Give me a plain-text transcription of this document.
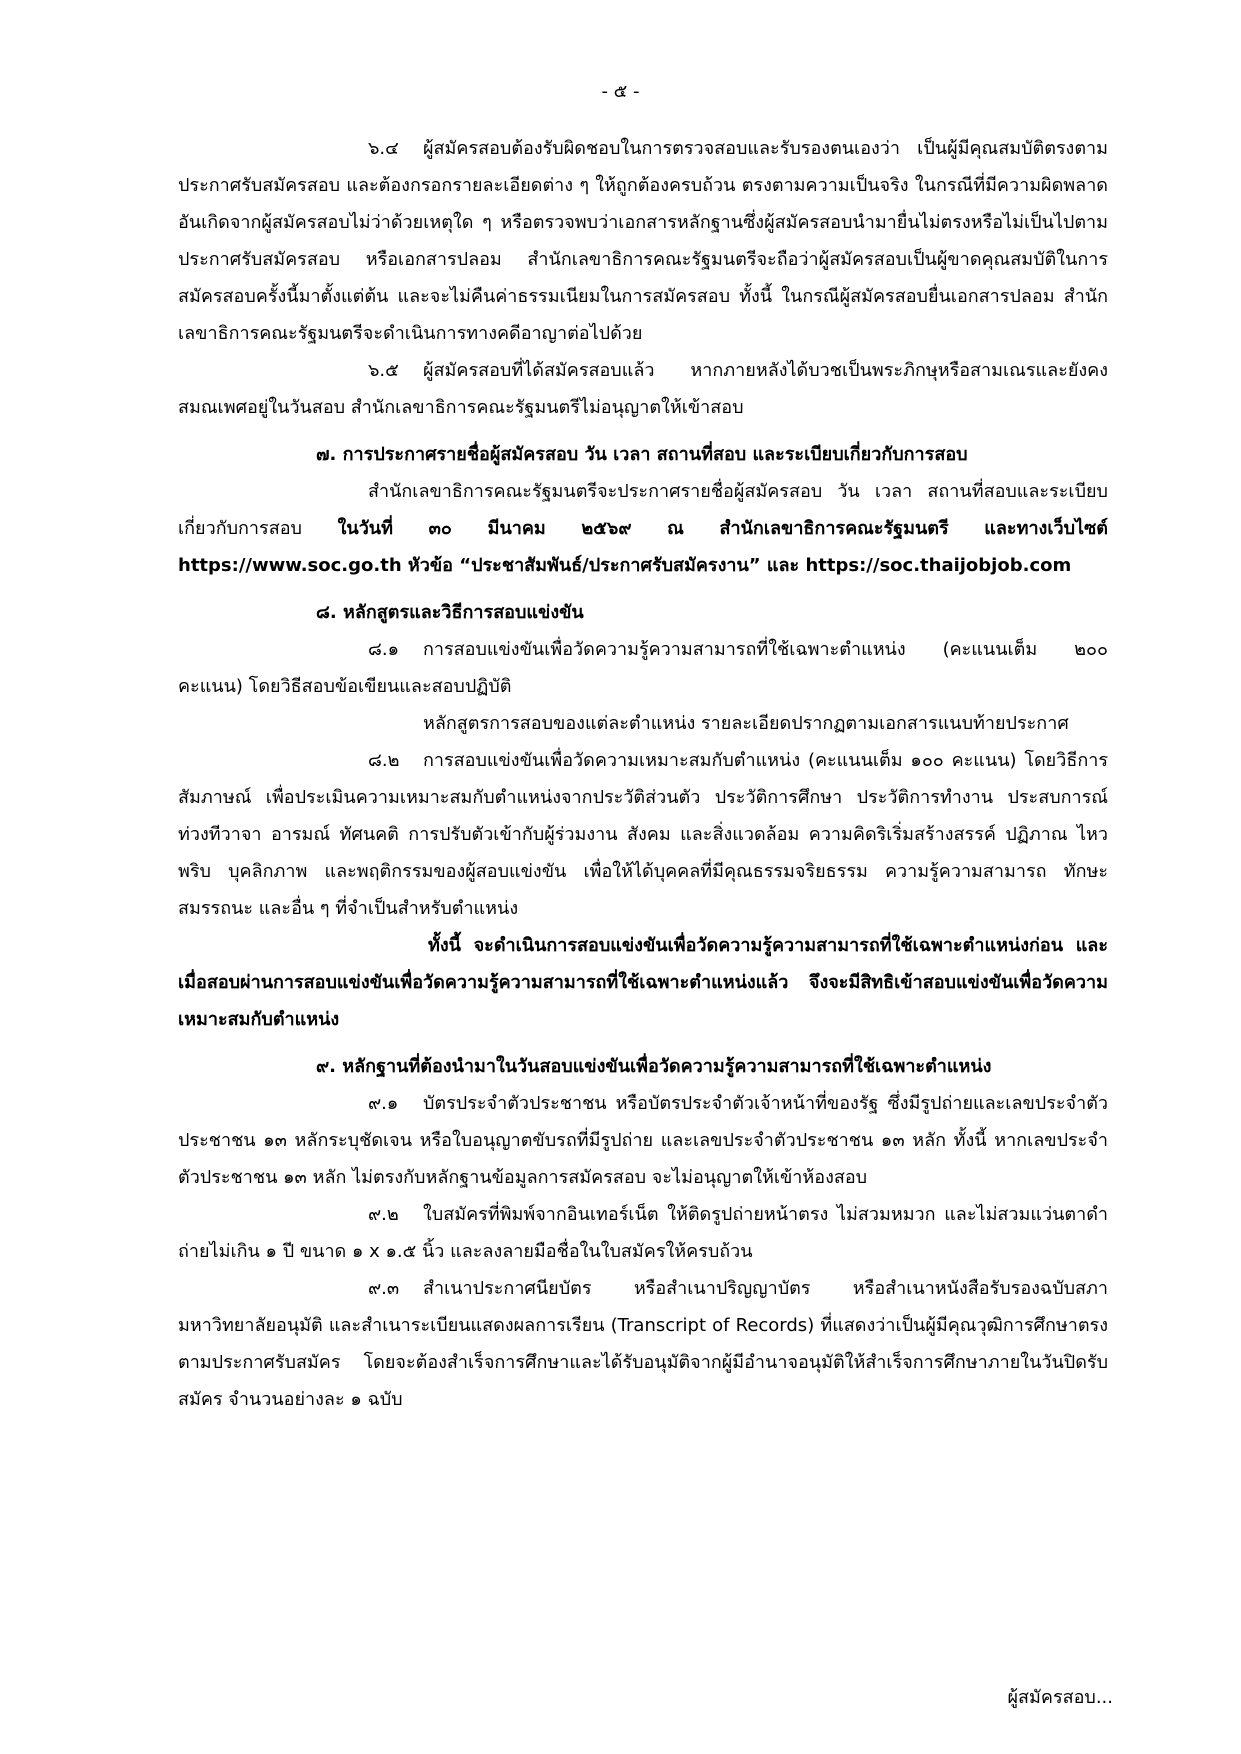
- ๕ -

๖.๔ ผู้สมัครสอบต้องรับผิดชอบในการตรวจสอบและรับรองตนเองว่า เป็นผู้มีคุณสมบัติตรงตามประกาศรับสมัครสอบ และต้องกรอกรายละเอียดต่าง ๆ ให้ถูกต้องครบถ้วน ตรงตามความเป็นจริง ในกรณีที่มีความผิดพลาดอันเกิดจากผู้สมัครสอบไม่ว่าด้วยเหตุใด ๆ หรือตรวจพบว่าเอกสารหลักฐานซึ่งผู้สมัครสอบนำมายื่นไม่ตรงหรือไม่เป็นไปตามประกาศรับสมัครสอบ หรือเอกสารปลอม สำนักเลขาธิการคณะรัฐมนตรีจะถือว่าผู้สมัครสอบเป็นผู้ขาดคุณสมบัติในการสมัครสอบครั้งนี้มาตั้งแต่ต้น และจะไม่คืนค่าธรรมเนียมในการสมัครสอบ ทั้งนี้ ในกรณีผู้สมัครสอบยื่นเอกสารปลอม สำนักเลขาธิการคณะรัฐมนตรีจะดำเนินการทางคดีอาญาต่อไปด้วย

๖.๕ ผู้สมัครสอบที่ได้สมัครสอบแล้ว หากภายหลังได้บวชเป็นพระภิกษุหรือสามเณรและยังคงสมณเพศอยู่ในวันสอบ สำนักเลขาธิการคณะรัฐมนตรีไม่อนุญาตให้เข้าสอบ

๗. การประกาศรายชื่อผู้สมัครสอบ วัน เวลา สถานที่สอบ และระเบียบเกี่ยวกับการสอบ

สำนักเลขาธิการคณะรัฐมนตรีจะประกาศรายชื่อผู้สมัครสอบ วัน เวลา สถานที่สอบและระเบียบเกี่ยวกับการสอบ ในวันที่ ๓๐ มีนาคม ๒๕๖๙ ณ สำนักเลขาธิการคณะรัฐมนตรี และทางเว็บไซต์ https://www.soc.go.th หัวข้อ “ประชาสัมพันธ์/ประกาศรับสมัครงาน” และ https://soc.thaijobjob.com

๘. หลักสูตรและวิธีการสอบแข่งขัน

๘.๑ การสอบแข่งขันเพื่อวัดความรู้ความสามารถที่ใช้เฉพาะตำแหน่ง (คะแนนเต็ม ๒๐๐ คะแนน) โดยวิธีสอบข้อเขียนและสอบปฏิบัติ

หลักสูตรการสอบของแต่ละตำแหน่ง รายละเอียดปรากฏตามเอกสารแนบท้ายประกาศ

๘.๒ การสอบแข่งขันเพื่อวัดความเหมาะสมกับตำแหน่ง (คะแนนเต็ม ๑๐๐ คะแนน) โดยวิธีการสัมภาษณ์ เพื่อประเมินความเหมาะสมกับตำแหน่งจากประวัติส่วนตัว ประวัติการศึกษา ประวัติการทำงาน ประสบการณ์ ท่วงทีวาจา อารมณ์ ทัศนคติ การปรับตัวเข้ากับผู้ร่วมงาน สังคม และสิ่งแวดล้อม ความคิดริเริ่มสร้างสรรค์ ปฏิภาณ ไหวพริบ บุคลิกภาพ และพฤติกรรมของผู้สอบแข่งขัน เพื่อให้ได้บุคคลที่มีคุณธรรมจริยธรรม ความรู้ความสามารถ ทักษะ สมรรถนะ และอื่น ๆ ที่จำเป็นสำหรับตำแหน่ง

ทั้งนี้ จะดำเนินการสอบแข่งขันเพื่อวัดความรู้ความสามารถที่ใช้เฉพาะตำแหน่งก่อน และเมื่อสอบผ่านการสอบแข่งขันเพื่อวัดความรู้ความสามารถที่ใช้เฉพาะตำแหน่งแล้ว จึงจะมีสิทธิเข้าสอบแข่งขันเพื่อวัดความเหมาะสมกับตำแหน่ง

๙. หลักฐานที่ต้องนำมาในวันสอบแข่งขันเพื่อวัดความรู้ความสามารถที่ใช้เฉพาะตำแหน่ง

๙.๑ บัตรประจำตัวประชาชน หรือบัตรประจำตัวเจ้าหน้าที่ของรัฐ ซึ่งมีรูปถ่ายและเลขประจำตัวประชาชน ๑๓ หลักระบุชัดเจน หรือใบอนุญาตขับรถที่มีรูปถ่าย และเลขประจำตัวประชาชน ๑๓ หลัก ทั้งนี้ หากเลขประจำตัวประชาชน ๑๓ หลัก ไม่ตรงกับหลักฐานข้อมูลการสมัครสอบ จะไม่อนุญาตให้เข้าห้องสอบ

๙.๒ ใบสมัครที่พิมพ์จากอินเทอร์เน็ต ให้ติดรูปถ่ายหน้าตรง ไม่สวมหมวก และไม่สวมแว่นตาดำ ถ่ายไม่เกิน ๑ ปี ขนาด ๑ x ๑.๕ นิ้ว และลงลายมือชื่อในใบสมัครให้ครบถ้วน

๙.๓ สำเนาประกาศนียบัตร หรือสำเนาปริญญาบัตร หรือสำเนาหนังสือรับรองฉบับสภามหาวิทยาลัยอนุมัติ และสำเนาระเบียนแสดงผลการเรียน (Transcript of Records) ที่แสดงว่าเป็นผู้มีคุณวุฒิการศึกษาตรงตามประกาศรับสมัคร โดยจะต้องสำเร็จการศึกษาและได้รับอนุมัติจากผู้มีอำนาจอนุมัติให้สำเร็จการศึกษาภายในวันปิดรับสมัคร จำนวนอย่างละ ๑ ฉบับ

ผู้สมัครสอบ...
